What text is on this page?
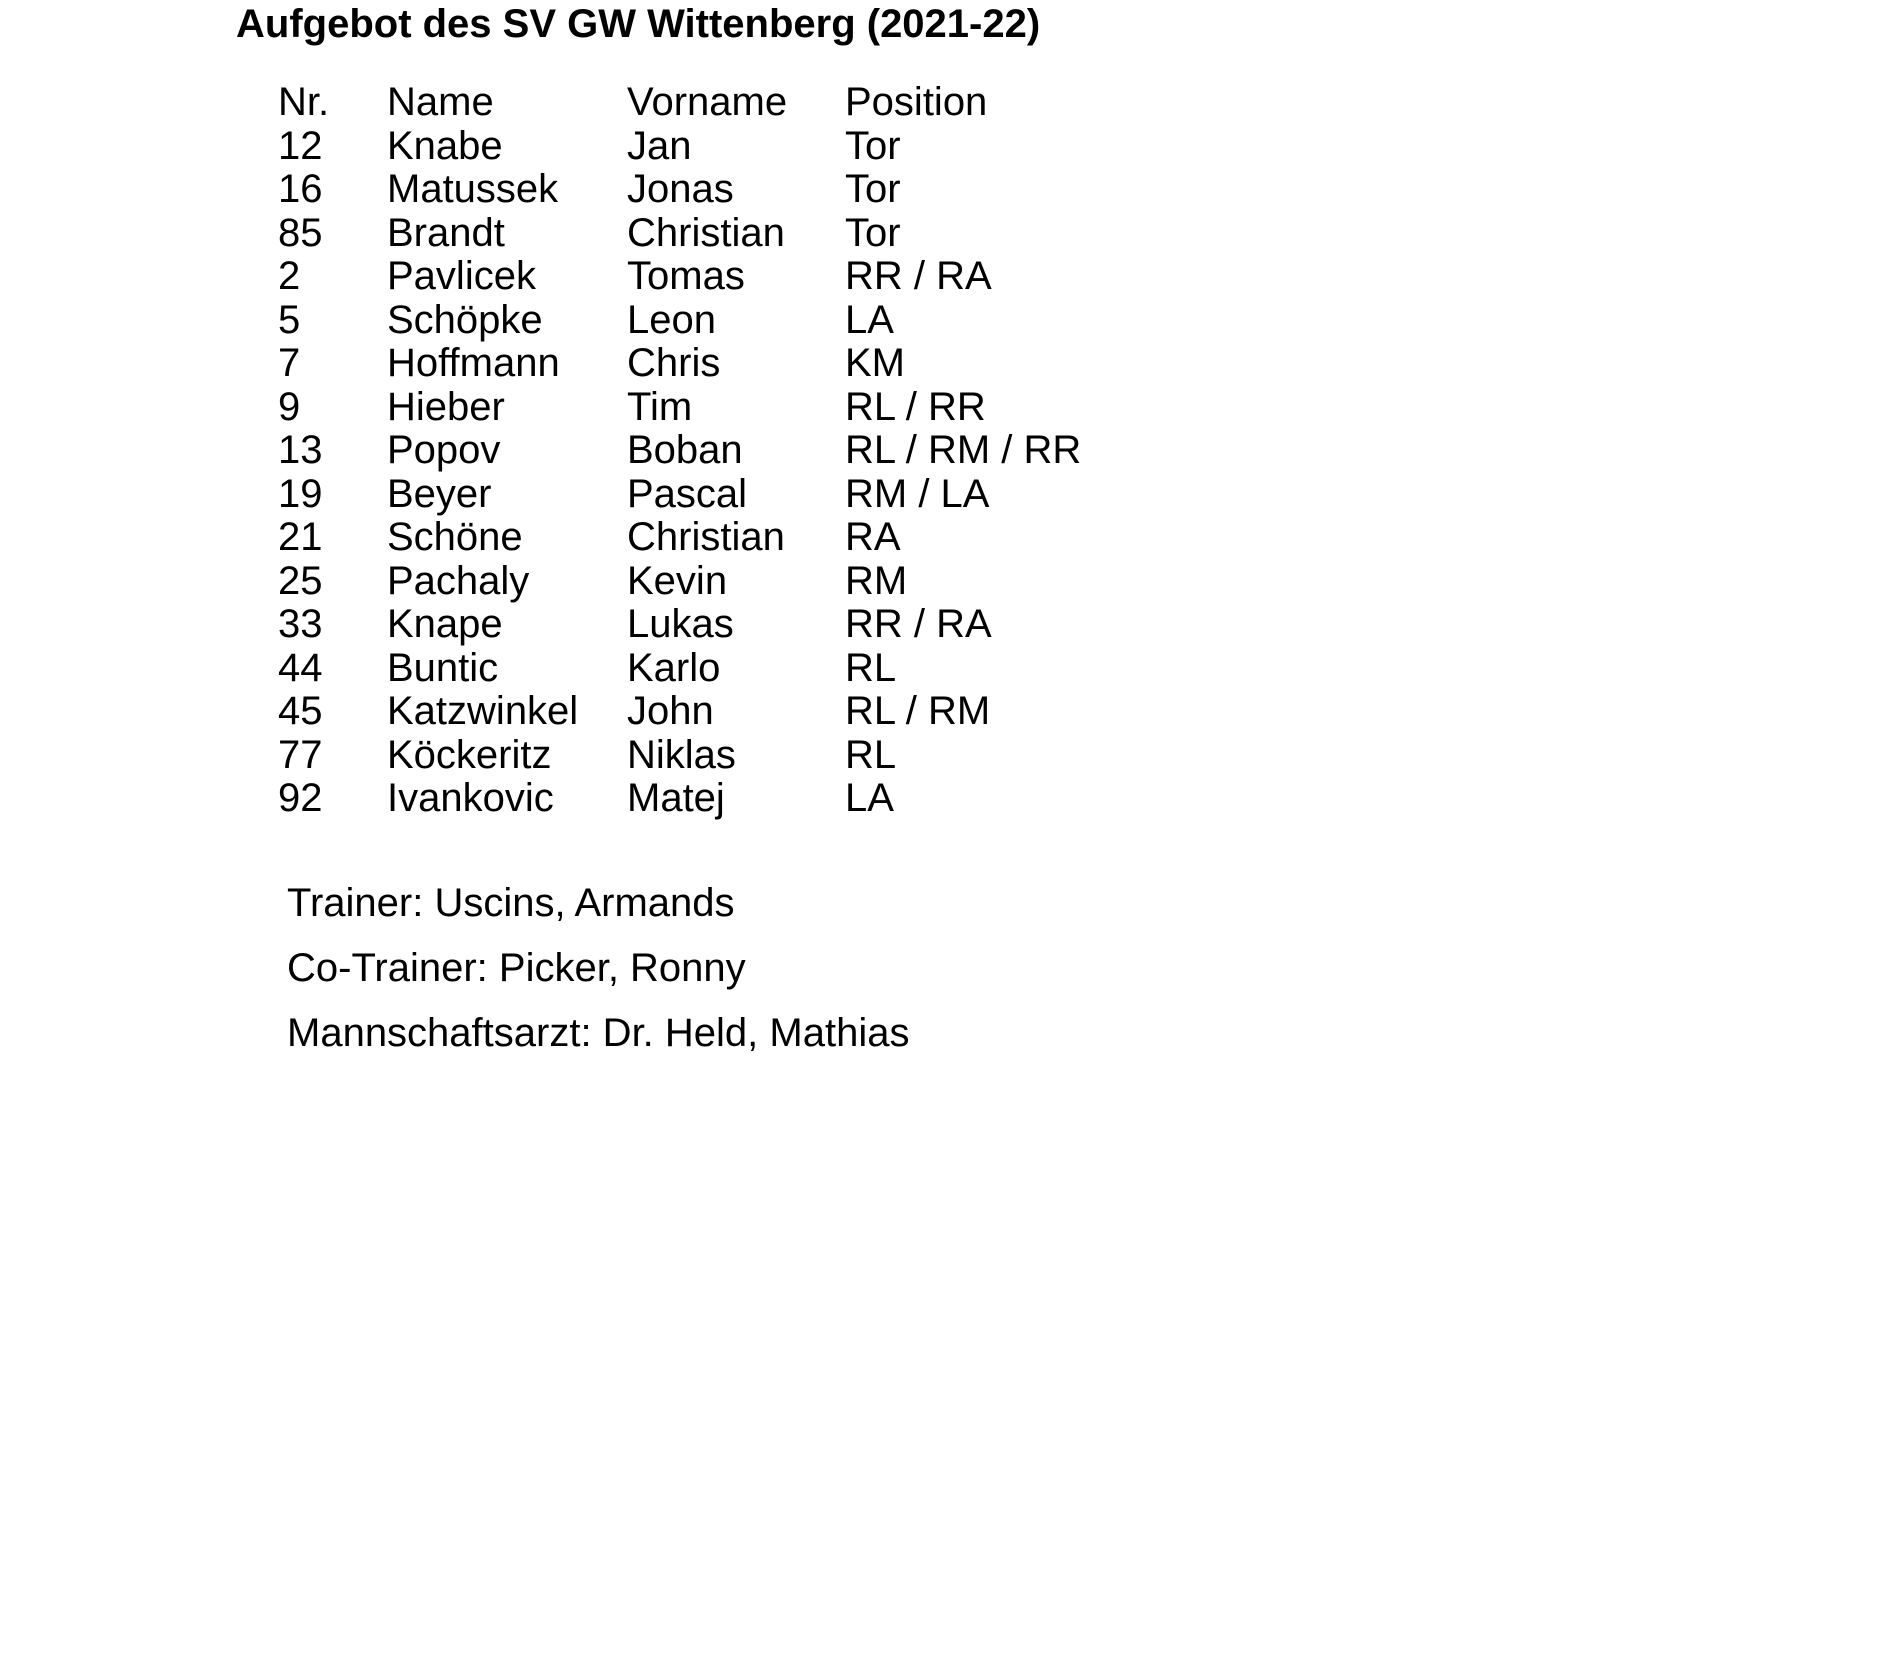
Aufgebot des SV GW Wittenberg (2021-22)
Nr.	Name	Vorname	Position
12	Knabe	Jan	Tor
16	Matussek	Jonas	Tor
85	Brandt	Christian	Tor
2	Pavlicek	Tomas	RR / RA
5	Schöpke	Leon	LA
7	Hoffmann	Chris	KM
9	Hieber	Tim	RL / RR
13	Popov	Boban	RL / RM / RR
19	Beyer	Pascal	RM / LA
21	Schöne	Christian	RA
25	Pachaly	Kevin	RM
33	Knape	Lukas	RR / RA
44	Buntic	Karlo	RL
45	Katzwinkel	John	RL / RM
77	Köckeritz	Niklas	RL
92	Ivankovic	Matej	LA
Trainer: Uscins, Armands
Co-Trainer: Picker, Ronny
Mannschaftsarzt: Dr. Held, Mathias
